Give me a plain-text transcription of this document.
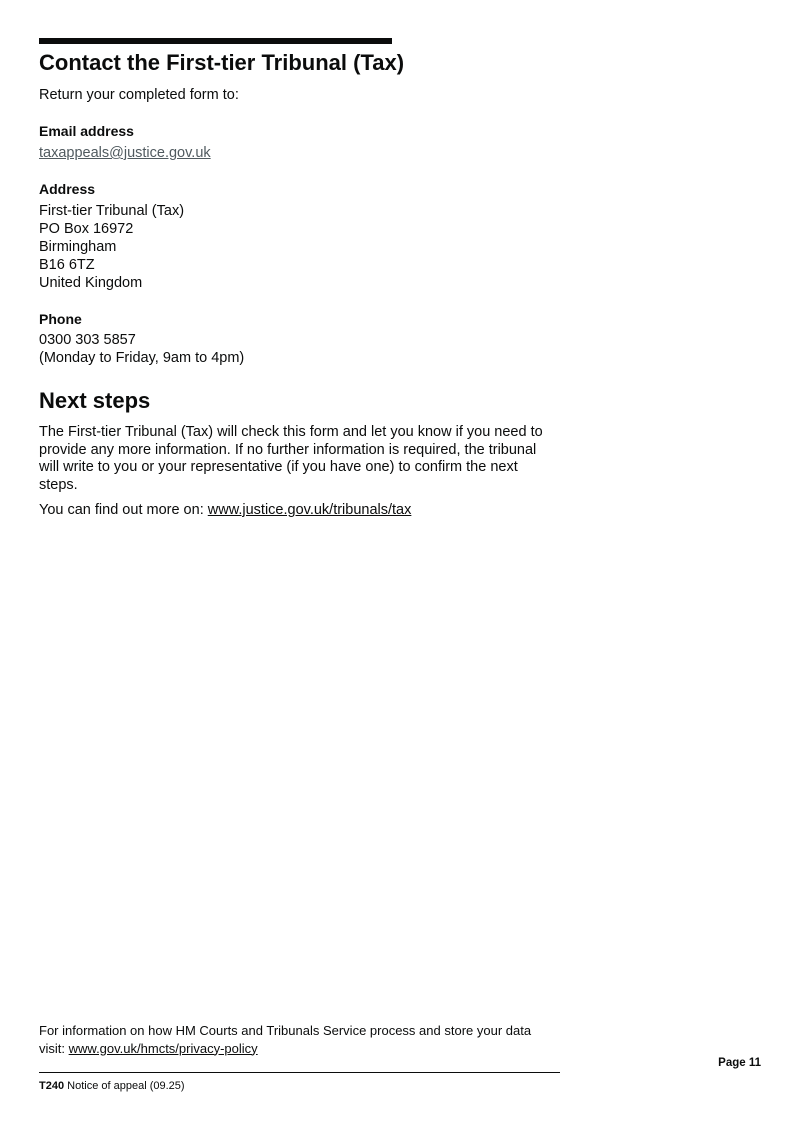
Contact the First-tier Tribunal (Tax)

Return your completed form to:

Email address

taxappeals@justice.gov.uk

Address

First-tier Tribunal (Tax)
PO Box 16972
Birmingham
B16 6TZ
United Kingdom

Phone

0300 303 5857
(Monday to Friday, 9am to 4pm)

Next steps

The First-tier Tribunal (Tax) will check this form and let you know if you need to provide any more information. If no further information is required, the tribunal will write to you or your representative (if you have one) to confirm the next steps.

You can find out more on: www.justice.gov.uk/tribunals/tax

For information on how HM Courts and Tribunals Service process and store your data visit: www.gov.uk/hmcts/privacy-policy

Page 11

T240 Notice of appeal (09.25)
